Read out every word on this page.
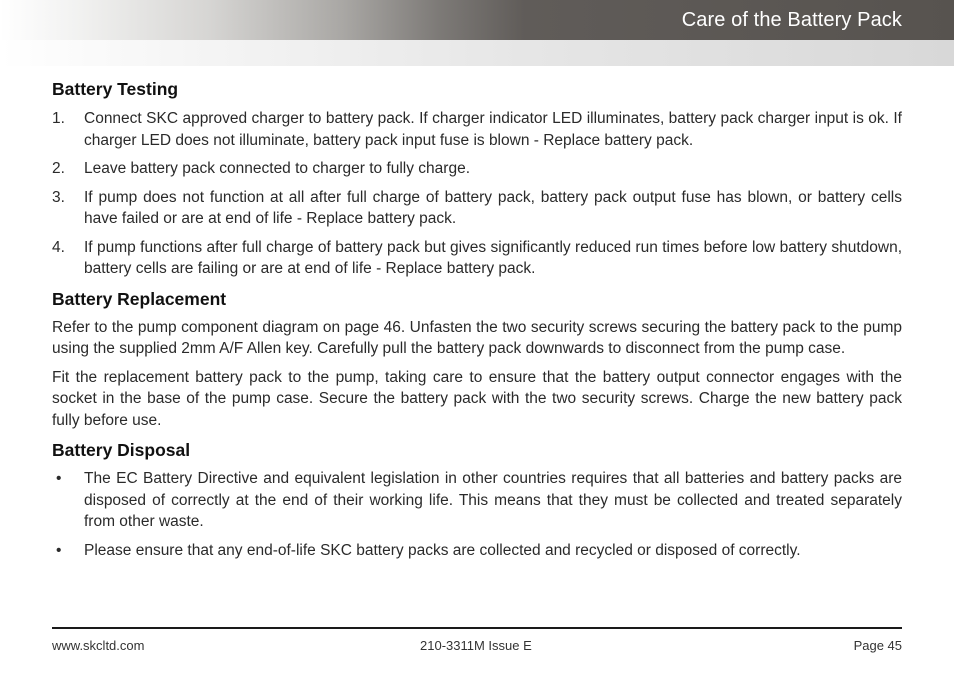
Care of the Battery Pack
Battery Testing
1.	Connect SKC approved charger to battery pack. If charger indicator LED illuminates, battery pack charger input is ok. If charger LED does not illuminate, battery pack input fuse is blown - Replace battery pack.
2.	Leave battery pack connected to charger to fully charge.
3.	If pump does not function at all after full charge of battery pack, battery pack output fuse has blown, or battery cells have failed or are at end of life - Replace battery pack.
4.	If pump functions after full charge of battery pack but gives significantly reduced run times before low battery shutdown, battery cells are failing or are at end of life - Replace battery pack.
Battery Replacement

Refer to the pump component diagram on page 46. Unfasten the two security screws securing the battery pack to the pump using the supplied 2mm A/F Allen key. Carefully pull the battery pack downwards to disconnect from the pump case.

Fit the replacement battery pack to the pump, taking care to ensure that the battery output connector engages with the socket in the base of the pump case. Secure the battery pack with the two security screws. Charge the new battery pack fully before use.

Battery Disposal
•	The EC Battery Directive and equivalent legislation in other countries requires that all batteries and battery packs are disposed of correctly at the end of their working life. This means that they must be collected and treated separately from other waste.
•	Please ensure that any end-of-life SKC battery packs are collected and recycled or disposed of correctly.
www.skcltd.com	210-3311M Issue E	Page 45
